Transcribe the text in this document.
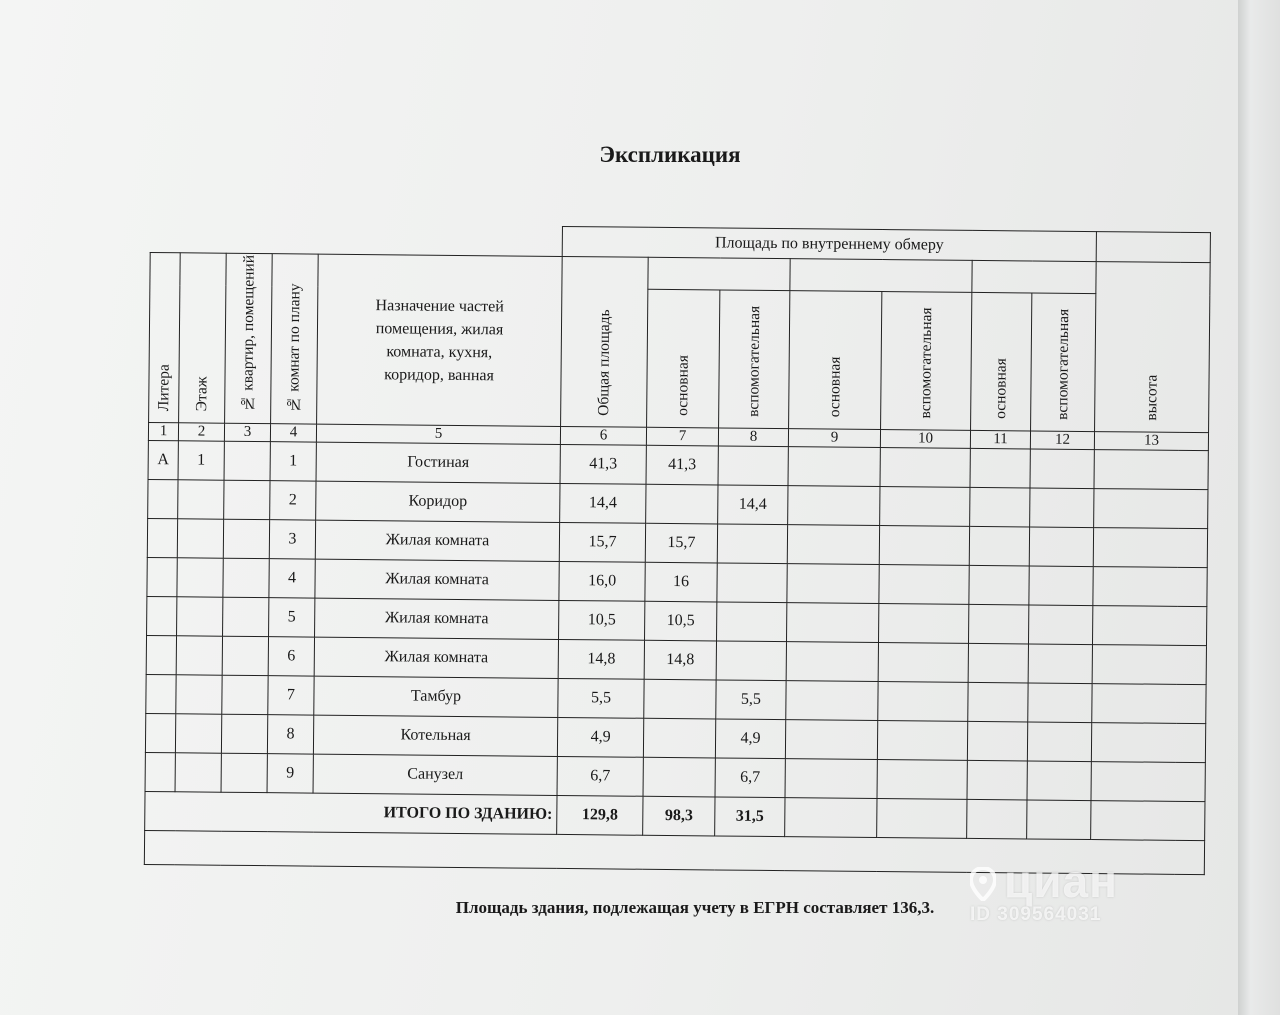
Экспликация
					Площадь по внутреннему обмеру							
Литера	Этаж	№ квартир, помещений	№ комнат по плану	Назначение частей помещения, жилая комната, кухня, коридор, ванная	Общая площадь							высота
						основная	вспомогательная	основная	вспомогательная	основная	вспомогательная	
1	2	3	4	5	6	7	8	9	10	11	12	13
А	1		1	Гостиная	41,3	41,3						
			2	Коридор	14,4		14,4					
			3	Жилая комната	15,7	15,7						
			4	Жилая комната	16,0	16						
			5	Жилая комната	10,5	10,5						
			6	Жилая комната	14,8	14,8						
			7	Тамбур	5,5		5,5					
			8	Котельная	4,9		4,9					
			9	Санузел	6,7		6,7					
ИТОГО ПО ЗДАНИЮ:					129,8	98,3	31,5					

Площадь здания, подлежащая учету в ЕГРН составляет 136,3.
циан
ID 309564031
